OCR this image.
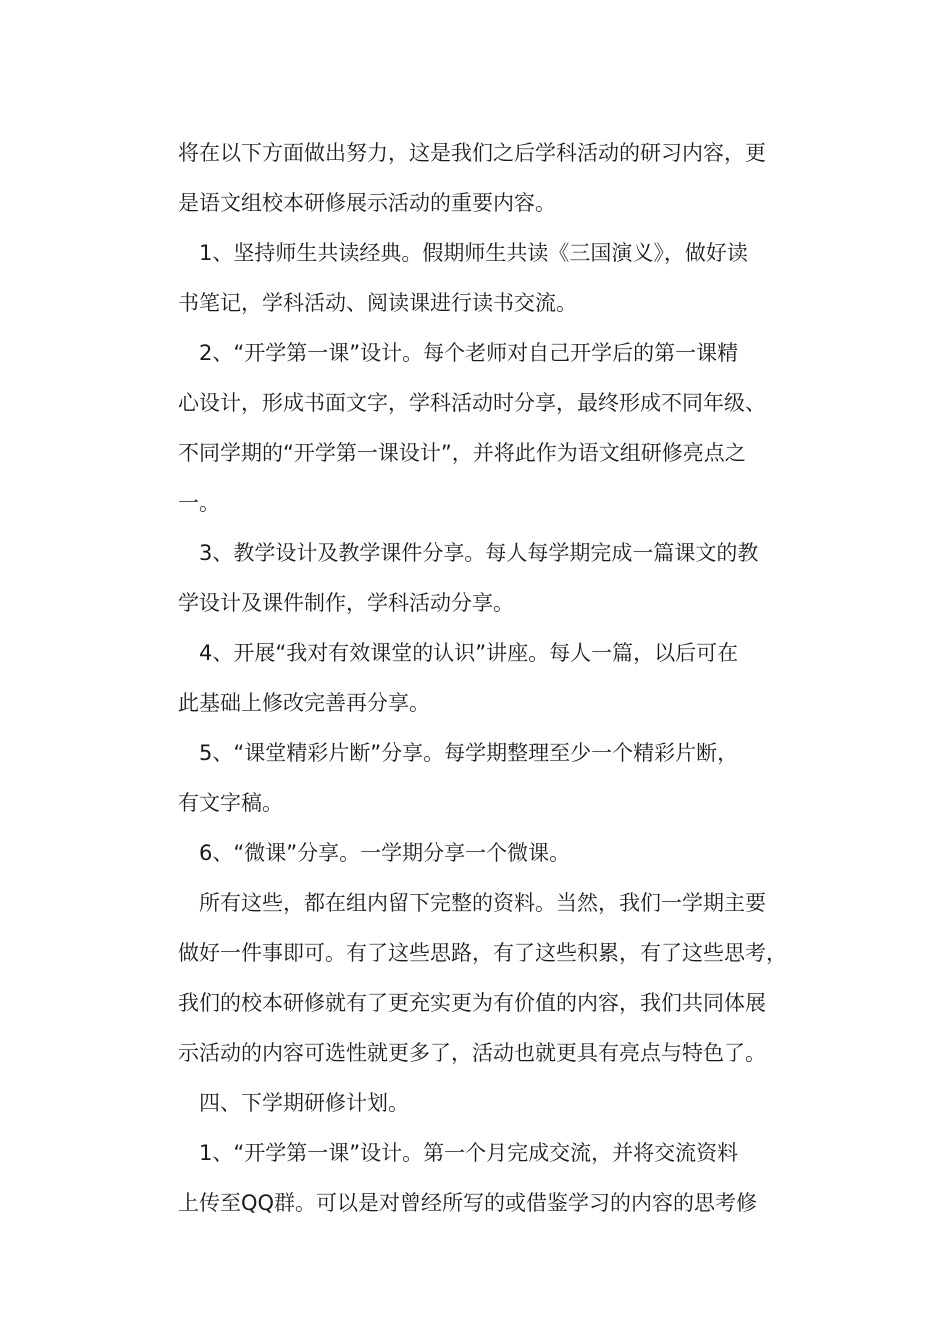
将在以下方面做出努力，这是我们之后学科活动的研习内容，更
是语文组校本研修展示活动的重要内容。
1、坚持师生共读经典。假期师生共读《三国演义》，做好读
书笔记，学科活动、阅读课进行读书交流。
2、“开学第一课”设计。每个老师对自己开学后的第一课精
心设计，形成书面文字，学科活动时分享，最终形成不同年级、
不同学期的“开学第一课设计”，并将此作为语文组研修亮点之
一。
3、教学设计及教学课件分享。每人每学期完成一篇课文的教
学设计及课件制作，学科活动分享。
4、开展“我对有效课堂的认识”讲座。每人一篇，以后可在
此基础上修改完善再分享。
5、“课堂精彩片断”分享。每学期整理至少一个精彩片断，
有文字稿。
6、“微课”分享。一学期分享一个微课。
所有这些，都在组内留下完整的资料。当然，我们一学期主要
做好一件事即可。有了这些思路，有了这些积累，有了这些思考，
我们的校本研修就有了更充实更为有价值的内容，我们共同体展
示活动的内容可选性就更多了，活动也就更具有亮点与特色了。
四、下学期研修计划。
1、“开学第一课”设计。第一个月完成交流，并将交流资料
上传至QQ群。可以是对曾经所写的或借鉴学习的内容的思考修
